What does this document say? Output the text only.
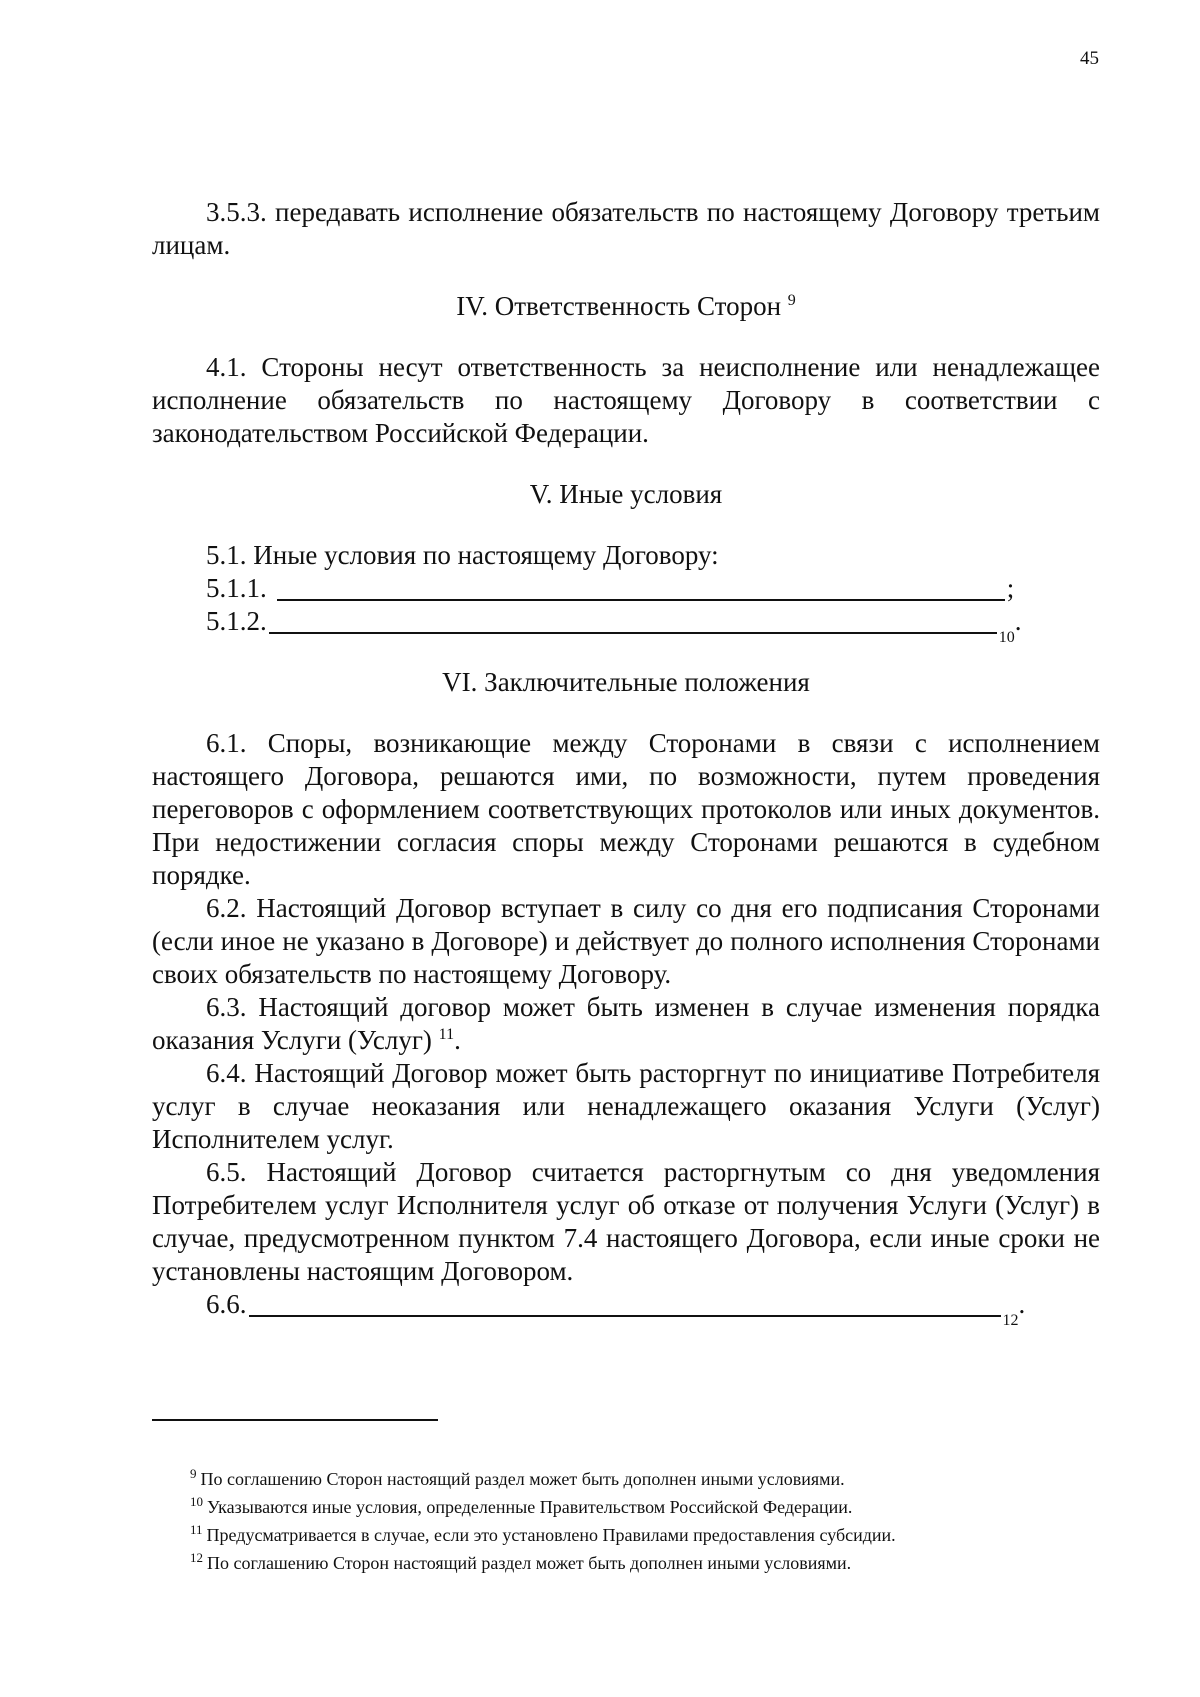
45

3.5.3. передавать исполнение обязательств по настоящему Договору третьим лицам.

IV. Ответственность Сторон $^9$

4.1. Стороны несут ответственность за неисполнение или ненадлежащее исполнение обязательств по настоящему Договору в соответствии с законодательством Российской Федерации.

V. Иные условия

5.1. Иные условия по настоящему Договору:

5.1.1.	;
5.1.2.
10
.

VI. Заключительные положения

6.1. Споры, возникающие между Сторонами в связи с исполнением настоящего Договора, решаются ими, по возможности, путем проведения переговоров с оформлением соответствующих протоколов или иных документов. При недостижении согласия споры между Сторонами решаются в судебном порядке.

6.2. Настоящий Договор вступает в силу со дня его подписания Сторонами (если иное не указано в Договоре) и действует до полного исполнения Сторонами своих обязательств по настоящему Договору.

6.3. Настоящий договор может быть изменен в случае изменения порядка оказания Услуги (Услуг) $^{11}$.

6.4. Настоящий Договор может быть расторгнут по инициативе Потребителя услуг в случае неоказания или ненадлежащего оказания Услуги (Услуг) Исполнителем услуг.

6.5. Настоящий Договор считается расторгнутым со дня уведомления Потребителем услуг Исполнителя услуг об отказе от получения Услуги (Услуг) в случае, предусмотренном пунктом 7.4 настоящего Договора, если иные сроки не установлены настоящим Договором.

6.6.
12
.
$^9$ По соглашению Сторон настоящий раздел может быть дополнен иными условиями.
$^{10}$ Указываются иные условия, определенные Правительством Российской Федерации.
$^{11}$ Предусматривается в случае, если это установлено Правилами предоставления субсидии.
$^{12}$ По соглашению Сторон настоящий раздел может быть дополнен иными условиями.
